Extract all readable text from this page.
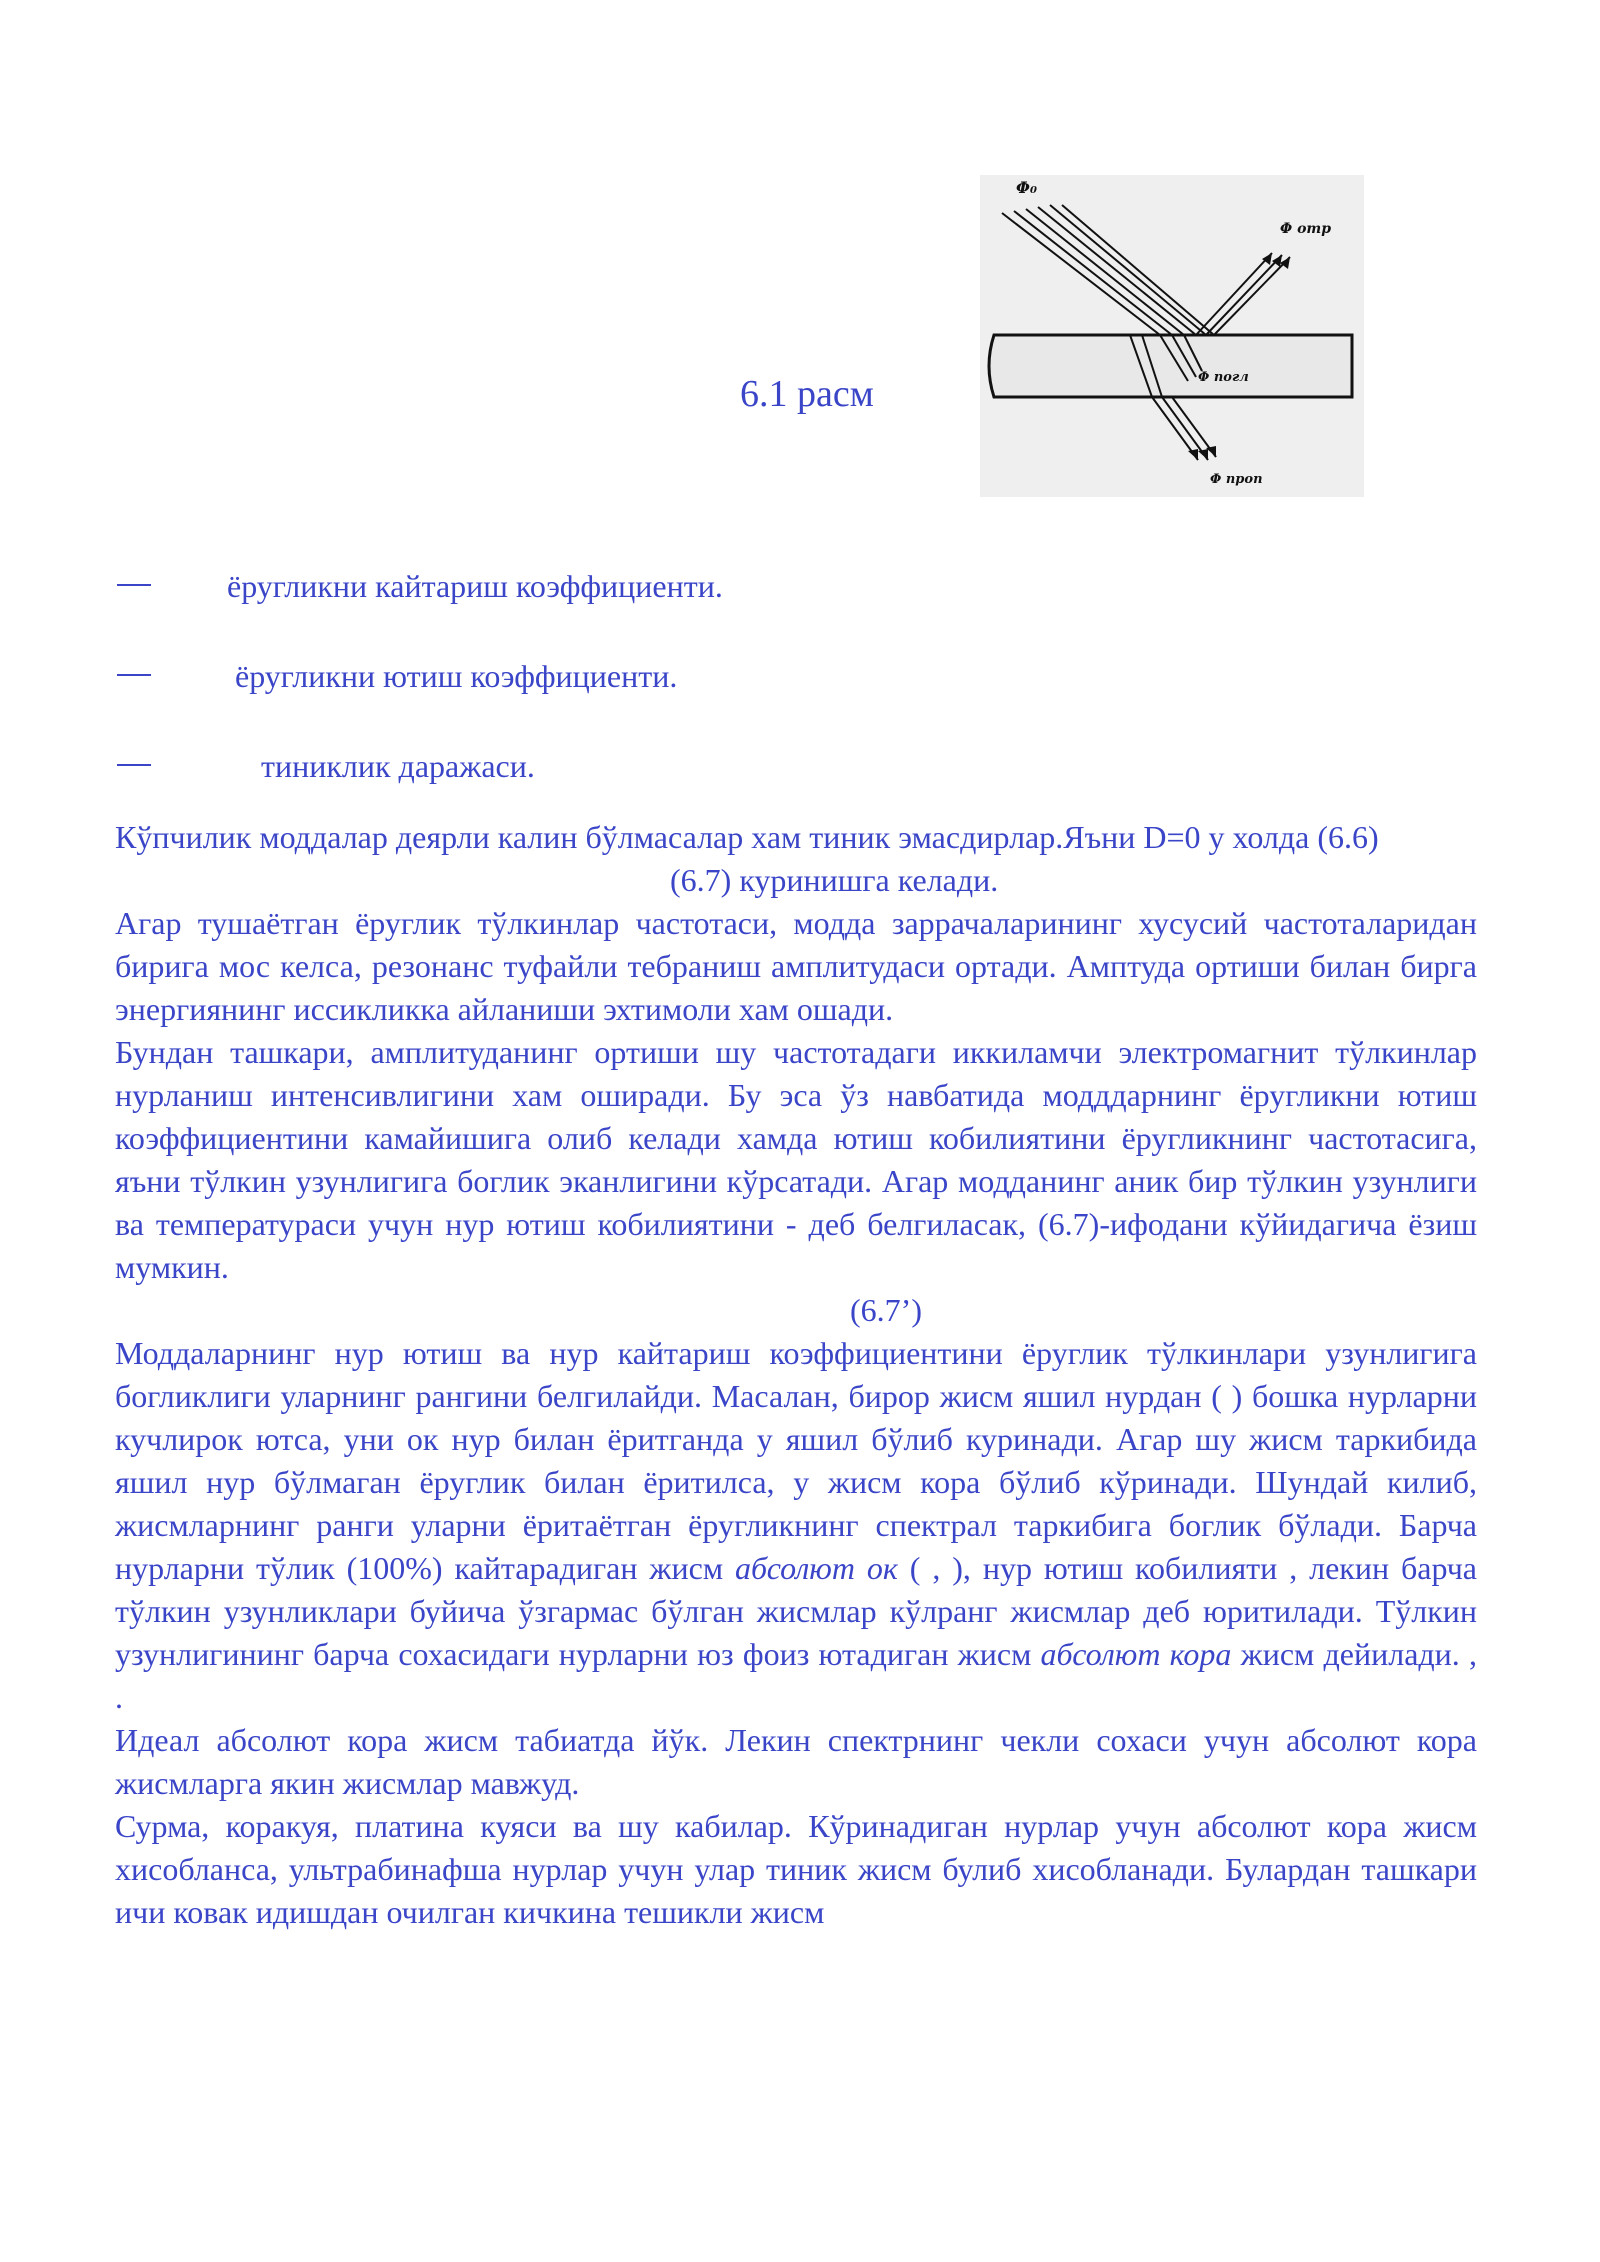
6.1 расм
Φ₀
Φ отр
Φ погл
Φ проп
ёругликни кайтариш коэффициенти.
ёругликни ютиш коэффициенти.
тиниклик даражаси.

Кўпчилик моддалар деярли калин бўлмасалар хам тиник эмасдирлар.Яъни D=0 у холда (6.6)

(6.7) куринишга келади.

Агар тушаётган ёруглик тўлкинлар частотаси, модда заррачаларининг хусусий частоталаридан бирига мос келса, резонанс туфайли тебраниш амплитудаси ортади. Амптуда ортиши билан бирга энергиянинг иссикликка айланиши эхтимоли хам ошади.

Бундан ташкари, амплитуданинг ортиши шу частотадаги иккиламчи электромагнит тўлкинлар нурланиш интенсивлигини хам оширади. Бу эса ўз навбатида модддарнинг ёругликни ютиш коэффициентини камайишига олиб келади хамда ютиш кобилиятини ёругликнинг частотасига, яъни тўлкин узунлигига боглик эканлигини кўрсатади. Агар модданинг аник бир тўлкин узунлиги ва температураси учун нур ютиш кобилиятини - деб белгиласак, (6.7)-ифодани кўйидагича ёзиш мумкин.

(6.7’)

Моддаларнинг нур ютиш ва нур кайтариш коэффициентини ёруглик тўлкинлари узунлигига богликлиги уларнинг рангини белгилайди. Масалан, бирор жисм яшил нурдан ( ) бошка нурларни кучлирок ютса, уни ок нур билан ёритганда у яшил бўлиб куринади. Агар шу жисм таркибида яшил нур бўлмаган ёруглик билан ёритилса, у жисм кора бўлиб кўринади. Шундай килиб, жисмларнинг ранги уларни ёритаётган ёругликнинг спектрал таркибига боглик бўлади. Барча нурларни тўлик (100%) кайтарадиган жисм абсолют ок ( , ), нур ютиш кобилияти , лекин барча тўлкин узунликлари буйича ўзгармас бўлган жисмлар кўлранг жисмлар деб юритилади. Тўлкин узунлигининг барча сохасидаги нурларни юз фоиз ютадиган жисм абсолют кора жисм дейилади. , .

Идеал абсолют кора жисм табиатда йўк. Лекин спектрнинг чекли сохаси учун абсолют кора жисмларга якин жисмлар мавжуд.

Сурма, коракуя, платина куяси ва шу кабилар. Кўринадиган нурлар учун абсолют кора жисм хисобланса, ультрабинафша нурлар учун улар тиник жисм булиб хисобланади. Булардан ташкари ичи ковак идишдан очилган кичкина тешикли жисм
